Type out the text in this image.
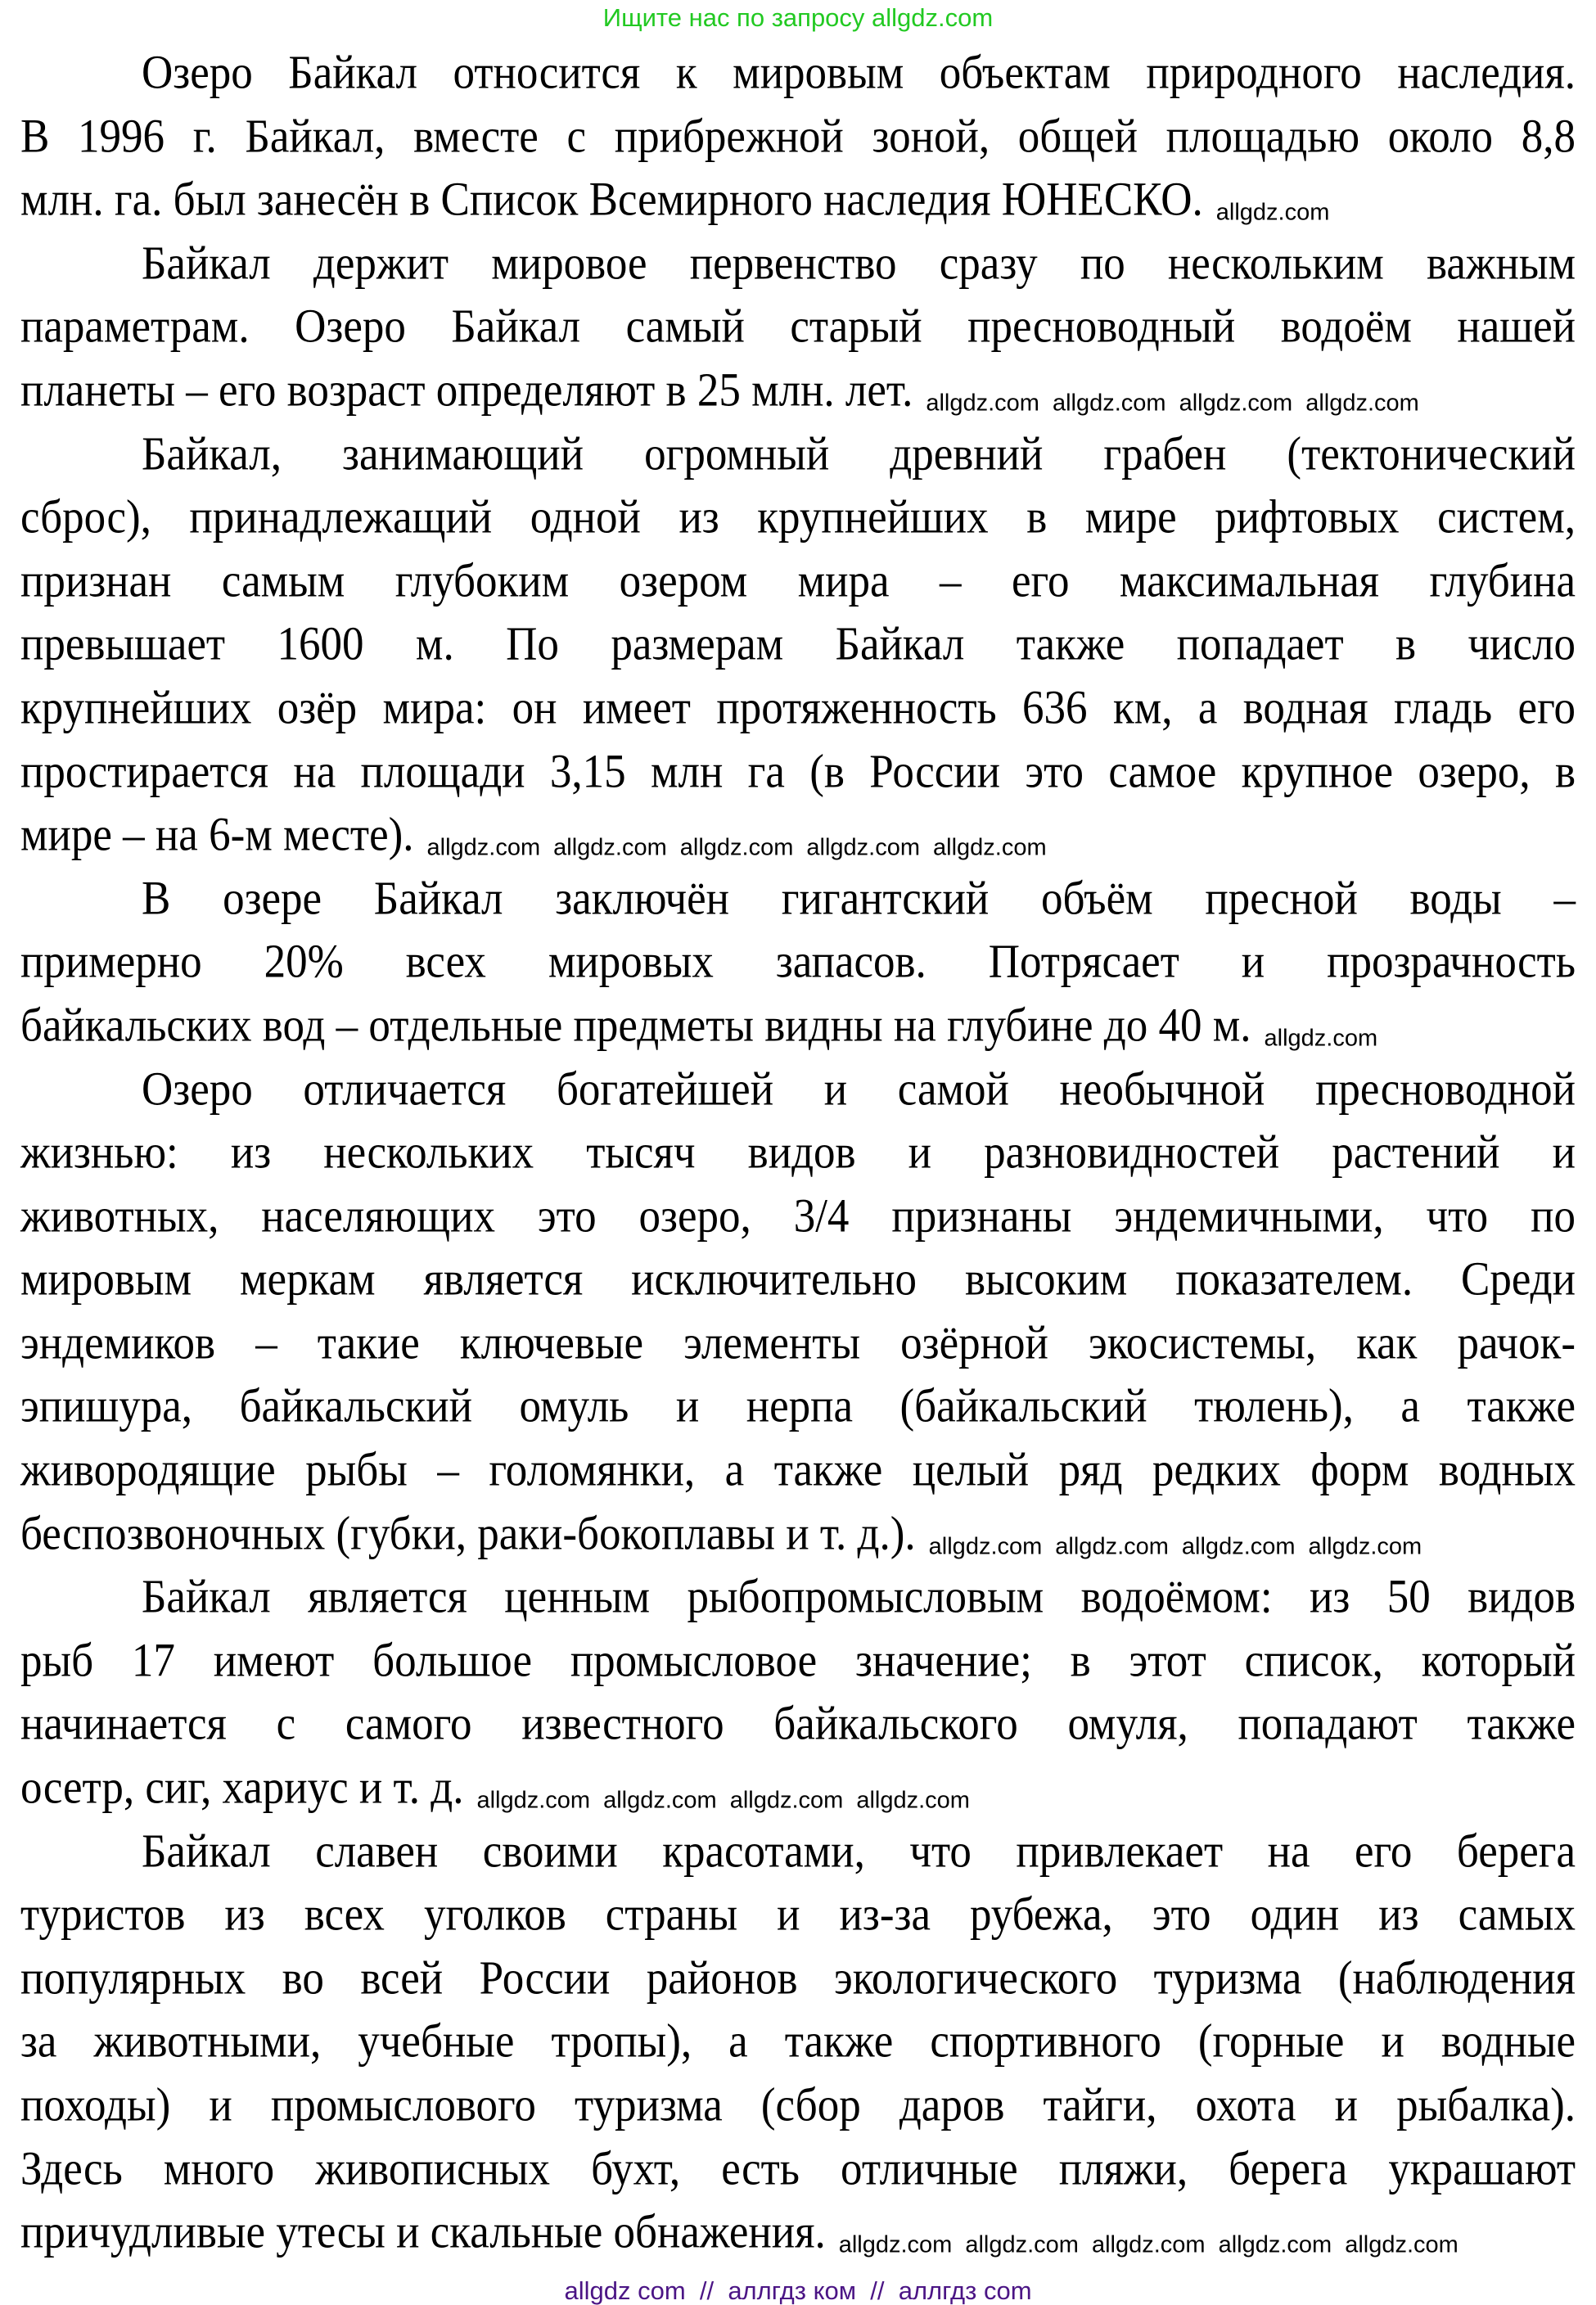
Ищите нас по запросу allgdz.com
Озеро Байкал относится к мировым объектам природного наследия.
В 1996 г. Байкал, вместе с прибрежной зоной, общей площадью около 8,8
млн. га. был занесён в Список Всемирного наследия ЮНЕСКО. allgdz.com
Байкал держит мировое первенство сразу по нескольким важным
параметрам. Озеро Байкал самый старый пресноводный водоём нашей
планеты – его возраст определяют в 25 млн. лет. allgdz.com allgdz.com allgdz.com allgdz.com
Байкал, занимающий огромный древний грабен (тектонический
сброс), принадлежащий одной из крупнейших в мире рифтовых систем,
признан самым глубоким озером мира – его максимальная глубина
превышает 1600 м. По размерам Байкал также попадает в число
крупнейших озёр мира: он имеет протяженность 636 км, а водная гладь его
простирается на площади 3,15 млн га (в России это самое крупное озеро, в
мире – на 6-м месте). allgdz.com allgdz.com allgdz.com allgdz.com allgdz.com
В озере Байкал заключён гигантский объём пресной воды –
примерно 20% всех мировых запасов. Потрясает и прозрачность
байкальских вод – отдельные предметы видны на глубине до 40 м. allgdz.com
Озеро отличается богатейшей и самой необычной пресноводной
жизнью: из нескольких тысяч видов и разновидностей растений и
животных, населяющих это озеро, 3/4 признаны эндемичными, что по
мировым меркам является исключительно высоким показателем. Среди
эндемиков – такие ключевые элементы озёрной экосистемы, как рачок-
эпишура, байкальский омуль и нерпа (байкальский тюлень), а также
живородящие рыбы – голомянки, а также целый ряд редких форм водных
беспозвоночных (губки, раки-бокоплавы и т. д.). allgdz.com allgdz.com allgdz.com allgdz.com
Байкал является ценным рыбопромысловым водоёмом: из 50 видов
рыб 17 имеют большое промысловое значение; в этот список, который
начинается с самого известного байкальского омуля, попадают также
осетр, сиг, хариус и т. д. allgdz.com allgdz.com allgdz.com allgdz.com
Байкал славен своими красотами, что привлекает на его берега
туристов из всех уголков страны и из-за рубежа, это один из самых
популярных во всей России районов экологического туризма (наблюдения
за животными, учебные тропы), а также спортивного (горные и водные
походы) и промыслового туризма (сбор даров тайги, охота и рыбалка).
Здесь много живописных бухт, есть отличные пляжи, берега украшают
причудливые утесы и скальные обнажения. allgdz.com allgdz.com allgdz.com allgdz.com allgdz.com
allgdz com  //  аллгдз ком  //  аллгдз com
